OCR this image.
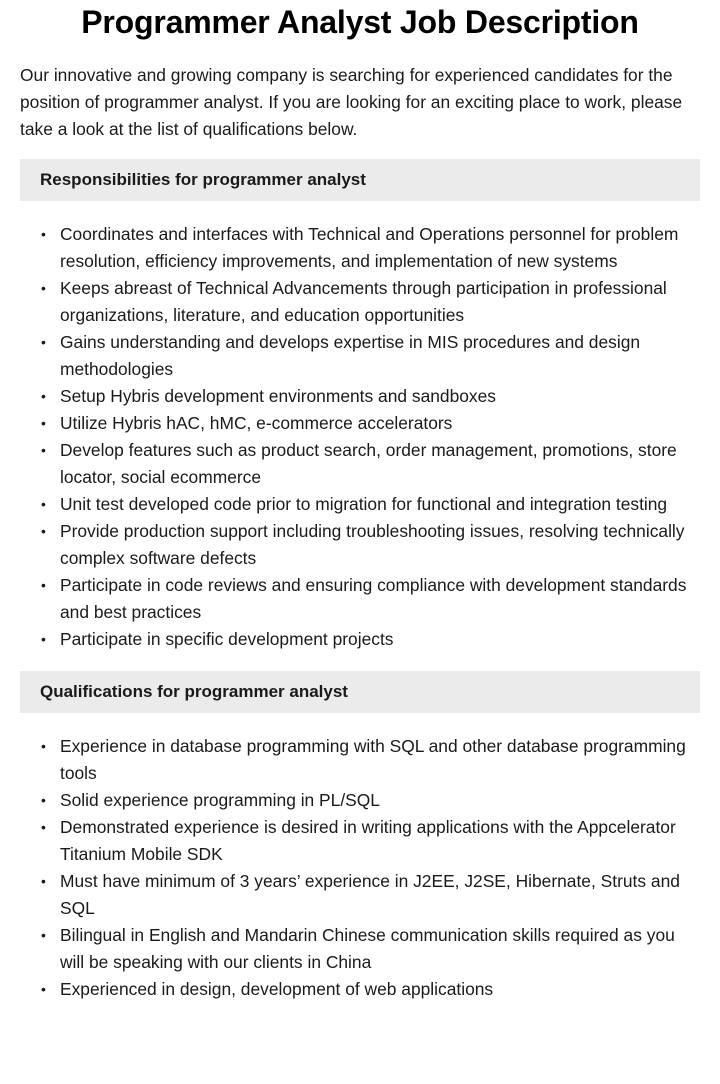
Programmer Analyst Job Description

Our innovative and growing company is searching for experienced candidates for the position of programmer analyst. If you are looking for an exciting place to work, please take a look at the list of qualifications below.

Responsibilities for programmer analyst
• Coordinates and interfaces with Technical and Operations personnel for problem resolution, efficiency improvements, and implementation of new systems
• Keeps abreast of Technical Advancements through participation in professional organizations, literature, and education opportunities
• Gains understanding and develops expertise in MIS procedures and design methodologies
• Setup Hybris development environments and sandboxes
• Utilize Hybris hAC, hMC, e-commerce accelerators
• Develop features such as product search, order management, promotions, store locator, social ecommerce
• Unit test developed code prior to migration for functional and integration testing
• Provide production support including troubleshooting issues, resolving technically complex software defects
• Participate in code reviews and ensuring compliance with development standards and best practices
• Participate in specific development projects
Qualifications for programmer analyst
• Experience in database programming with SQL and other database programming tools
• Solid experience programming in PL/SQL
• Demonstrated experience is desired in writing applications with the Appcelerator Titanium Mobile SDK
• Must have minimum of 3 years’ experience in J2EE, J2SE, Hibernate, Struts and SQL
• Bilingual in English and Mandarin Chinese communication skills required as you will be speaking with our clients in China
• Experienced in design, development of web applications
